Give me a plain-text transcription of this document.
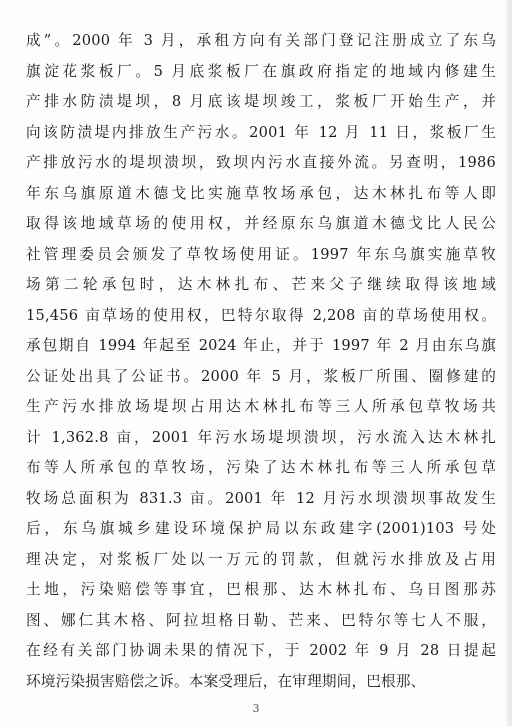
成”。2000 年 3 月，承租方向有关部门登记注册成立了东乌
旗淀花浆板厂。5 月底浆板厂在旗政府指定的地域内修建生
产排水防渍堤坝，8 月底该堤坝竣工，浆板厂开始生产，并
向该防渍堤内排放生产污水。2001 年 12 月 11 日，浆板厂生
产排放污水的堤坝溃坝，致坝内污水直接外流。另查明，1986
年东乌旗原道木德戈比实施草牧场承包，达木林扎布等人即
取得该地域草场的使用权，并经原东乌旗道木德戈比人民公
社管理委员会颁发了草牧场使用证。1997 年东乌旗实施草牧
场第二轮承包时，达木林扎布、芒来父子继续取得该地域
15,456 亩草场的使用权，巴特尔取得 2,208 亩的草场使用权。
承包期自 1994 年起至 2024 年止，并于 1997 年 2 月由东乌旗
公证处出具了公证书。2000 年 5 月，浆板厂所围、圈修建的
生产污水排放场堤坝占用达木林扎布等三人所承包草牧场共
计 1,362.8 亩，2001 年污水场堤坝溃坝，污水流入达木林扎
布等人所承包的草牧场，污染了达木林扎布等三人所承包草
牧场总面积为 831.3 亩。2001 年 12 月污水坝溃坝事故发生
后，东乌旗城乡建设环境保护局以东政建字(2001)103 号处
理决定，对浆板厂处以一万元的罚款，但就污水排放及占用
土地，污染赔偿等事宜，巴根那、达木林扎布、乌日图那苏
图、娜仁其木格、阿拉坦格日勒、芒来、巴特尔等七人不服，
在经有关部门协调未果的情况下，于 2002 年 9 月 28 日提起
环境污染损害赔偿之诉。本案受理后，在审理期间，巴根那、
3
